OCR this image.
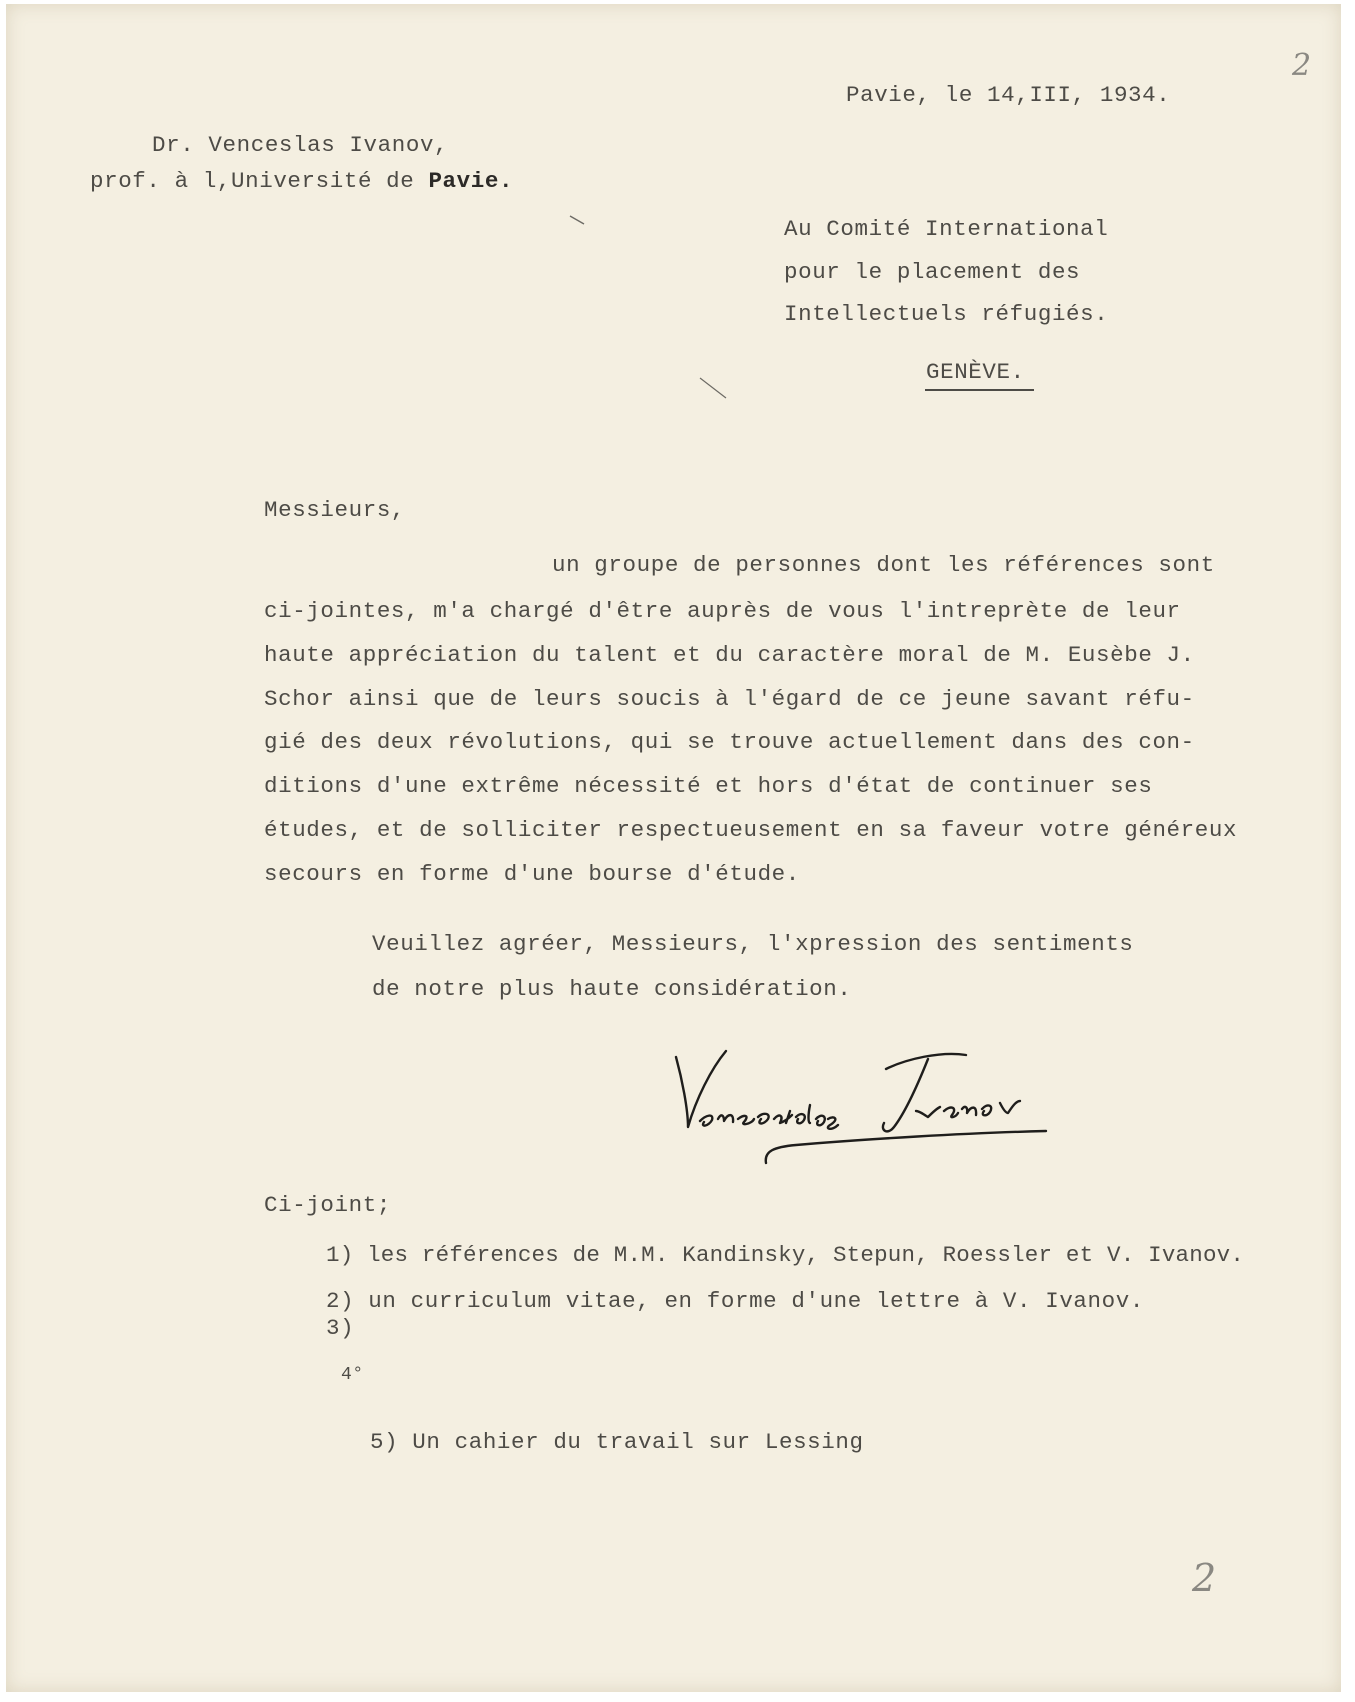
2
Pavie, le 14,III, 1934.
Dr. Venceslas Ivanov,
prof. à l,Université de Pavie.
Au Comité International
pour le placement des
Intellectuels réfugiés.
GENÈVE.
Messieurs,
un groupe de personnes dont les références sont
ci-jointes, m'a chargé d'être auprès de vous l'intreprète de leur
haute appréciation du talent et du caractère moral de M. Eusèbe J.
Schor ainsi que de leurs soucis à l'égard de ce jeune savant réfu-
gié des deux révolutions, qui se trouve actuellement dans des con-
ditions d'une extrême nécessité et hors d'état de continuer ses
études, et de solliciter respectueusement en sa faveur votre généreux
secours en forme d'une bourse d'étude.
Veuillez agréer, Messieurs, l'xpression des sentiments
de notre plus haute considération.
Ci-joint;
1) les références de M.M. Kandinsky, Stepun, Roessler et V. Ivanov.
2) un curriculum vitae, en forme d'une lettre à V. Ivanov.
3)
4°
5) Un cahier du travail sur Lessing
2
